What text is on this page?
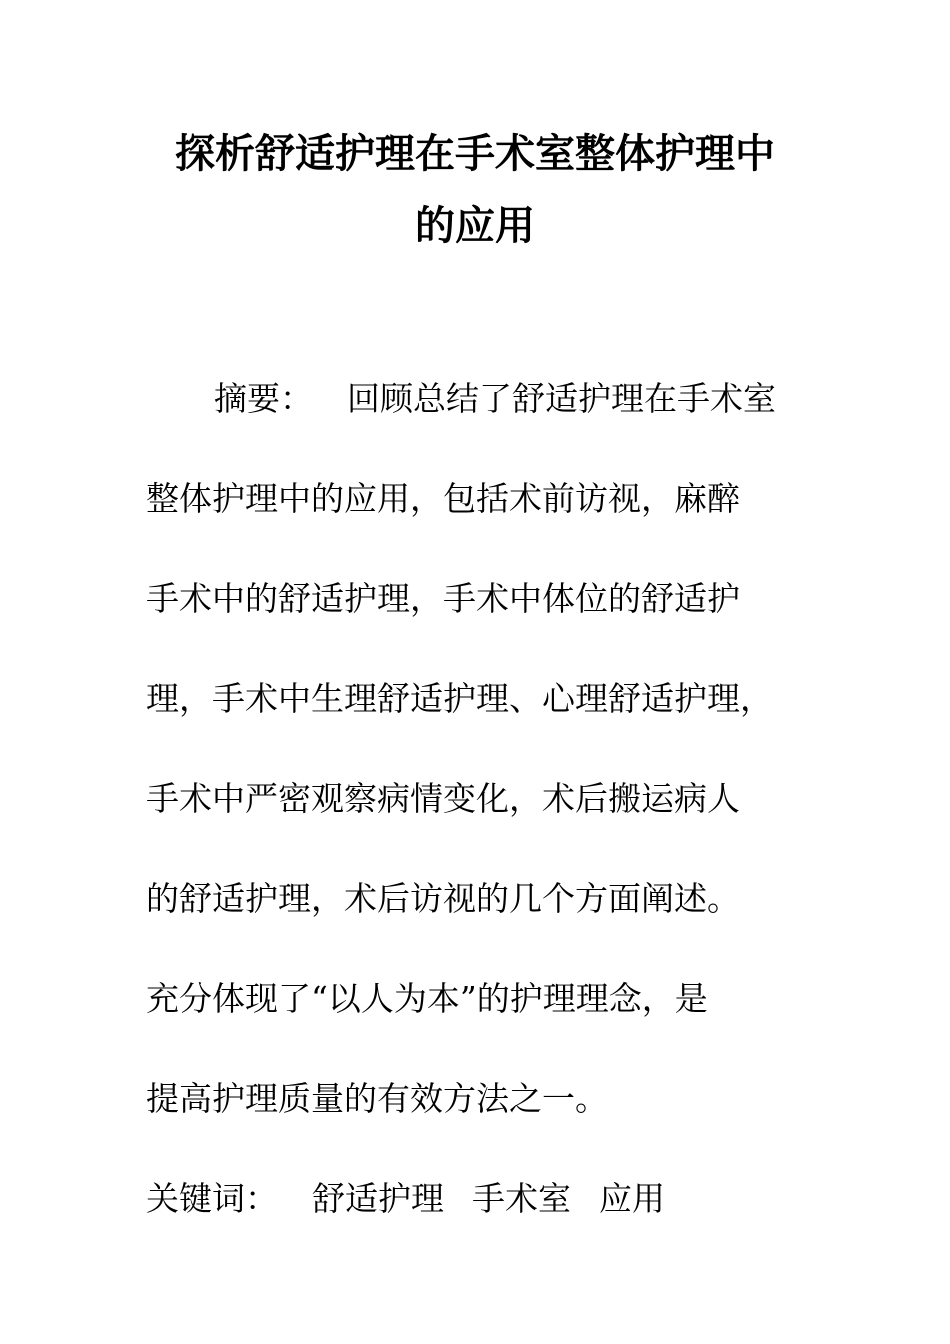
探析舒适护理在手术室整体护理中
的应用

摘要： 回顾总结了舒适护理在手术室

整体护理中的应用，包括术前访视，麻醉

手术中的舒适护理，手术中体位的舒适护

理，手术中生理舒适护理、心理舒适护理，

手术中严密观察病情变化，术后搬运病人

的舒适护理，术后访视的几个方面阐述。

充分体现了“以人为本”的护理理念，是

提高护理质量的有效方法之一。

关键词： 舒适护理 手术室 应用
